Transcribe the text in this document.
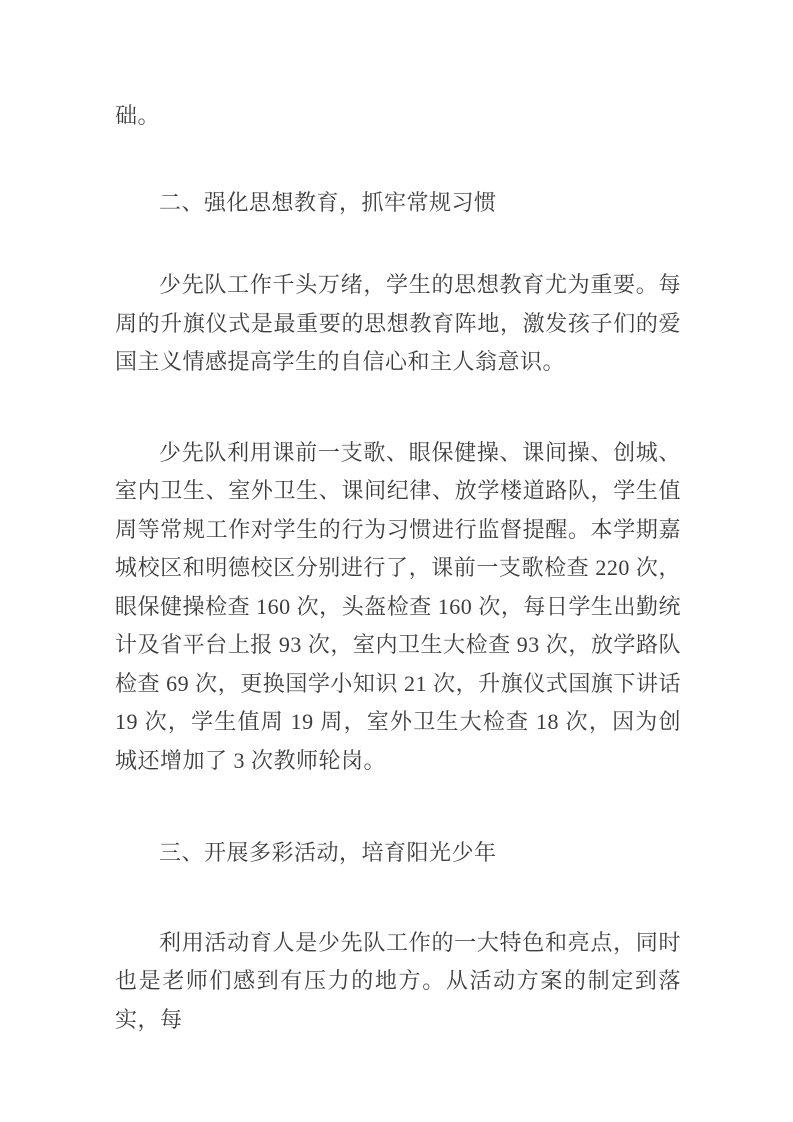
础。

二、强化思想教育，抓牢常规习惯

少先队工作千头万绪，学生的思想教育尤为重要。每周的升旗仪式是最重要的思想教育阵地，激发孩子们的爱国主义情感提高学生的自信心和主人翁意识。

少先队利用课前一支歌、眼保健操、课间操、创城、室内卫生、室外卫生、课间纪律、放学楼道路队，学生值周等常规工作对学生的行为习惯进行监督提醒。本学期嘉城校区和明德校区分别进行了，课前一支歌检查 220 次，眼保健操检查 160 次，头盔检查 160 次，每日学生出勤统计及省平台上报 93 次，室内卫生大检查 93 次，放学路队检查 69 次，更换国学小知识 21 次，升旗仪式国旗下讲话 19 次，学生值周 19 周，室外卫生大检查 18 次，因为创城还增加了 3 次教师轮岗。

三、开展多彩活动，培育阳光少年

利用活动育人是少先队工作的一大特色和亮点，同时也是老师们感到有压力的地方。从活动方案的制定到落实，每
